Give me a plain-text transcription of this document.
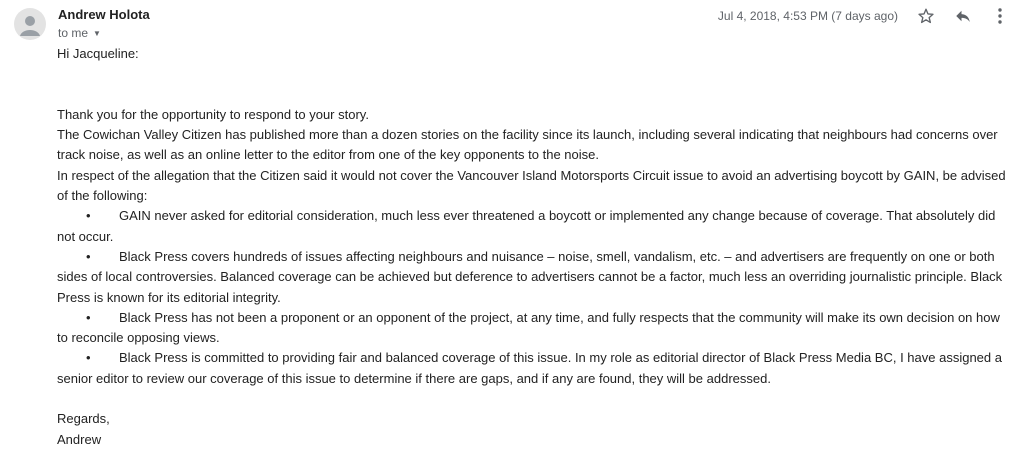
Andrew Holota
to me ▼
Jul 4, 2018, 4:53 PM (7 days ago)

Hi Jacqueline:

Thank you for the opportunity to respond to your story.

The Cowichan Valley Citizen has published more than a dozen stories on the facility since its launch, including several indicating that neighbours had concerns over track noise, as well as an online letter to the editor from one of the key opponents to the noise.

In respect of the allegation that the Citizen said it would not cover the Vancouver Island Motorsports Circuit issue to avoid an advertising boycott by GAIN, be advised of the following:

• GAIN never asked for editorial consideration, much less ever threatened a boycott or implemented any change because of coverage. That absolutely did not occur.

• Black Press covers hundreds of issues affecting neighbours and nuisance – noise, smell, vandalism, etc. – and advertisers are frequently on one or both sides of local controversies. Balanced coverage can be achieved but deference to advertisers cannot be a factor, much less an overriding journalistic principle. Black Press is known for its editorial integrity.

• Black Press has not been a proponent or an opponent of the project, at any time, and fully respects that the community will make its own decision on how to reconcile opposing views.

• Black Press is committed to providing fair and balanced coverage of this issue. In my role as editorial director of Black Press Media BC, I have assigned a senior editor to review our coverage of this issue to determine if there are gaps, and if any are found, they will be addressed.

Regards,

Andrew
